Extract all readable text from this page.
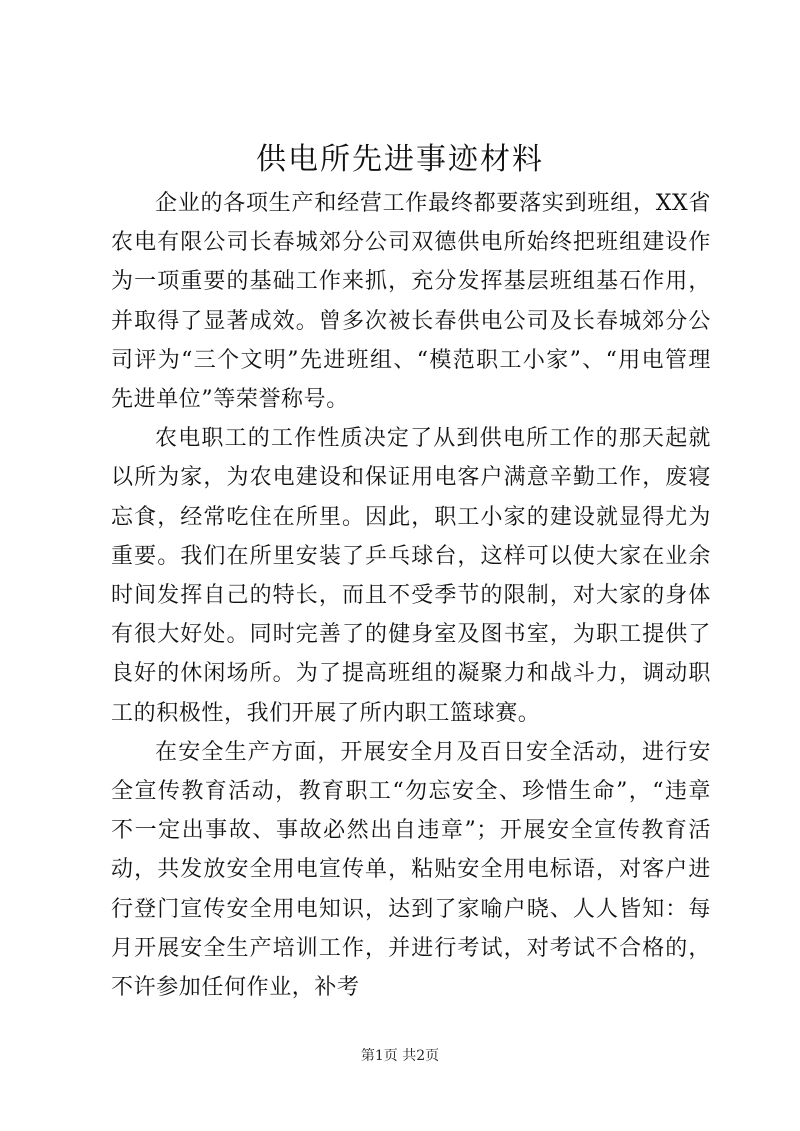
供电所先进事迹材料

企业的各项生产和经营工作最终都要落实到班组，XX省农电有限公司长春城郊分公司双德供电所始终把班组建设作为一项重要的基础工作来抓，充分发挥基层班组基石作用，并取得了显著成效。曾多次被长春供电公司及长春城郊分公司评为“三个文明”先进班组、“模范职工小家”、“用电管理先进单位”等荣誉称号。

农电职工的工作性质决定了从到供电所工作的那天起就以所为家，为农电建设和保证用电客户满意辛勤工作，废寝忘食，经常吃住在所里。因此，职工小家的建设就显得尤为重要。我们在所里安装了乒乓球台，这样可以使大家在业余时间发挥自己的特长，而且不受季节的限制，对大家的身体有很大好处。同时完善了的健身室及图书室，为职工提供了良好的休闲场所。为了提高班组的凝聚力和战斗力，调动职工的积极性，我们开展了所内职工篮球赛。

在安全生产方面，开展安全月及百日安全活动，进行安全宣传教育活动，教育职工“勿忘安全、珍惜生命”，“违章不一定出事故、事故必然出自违章”；开展安全宣传教育活动，共发放安全用电宣传单，粘贴安全用电标语，对客户进行登门宣传安全用电知识，达到了家喻户晓、人人皆知：每月开展安全生产培训工作，并进行考试，对考试不合格的，不许参加任何作业，补考

第1页 共2页
